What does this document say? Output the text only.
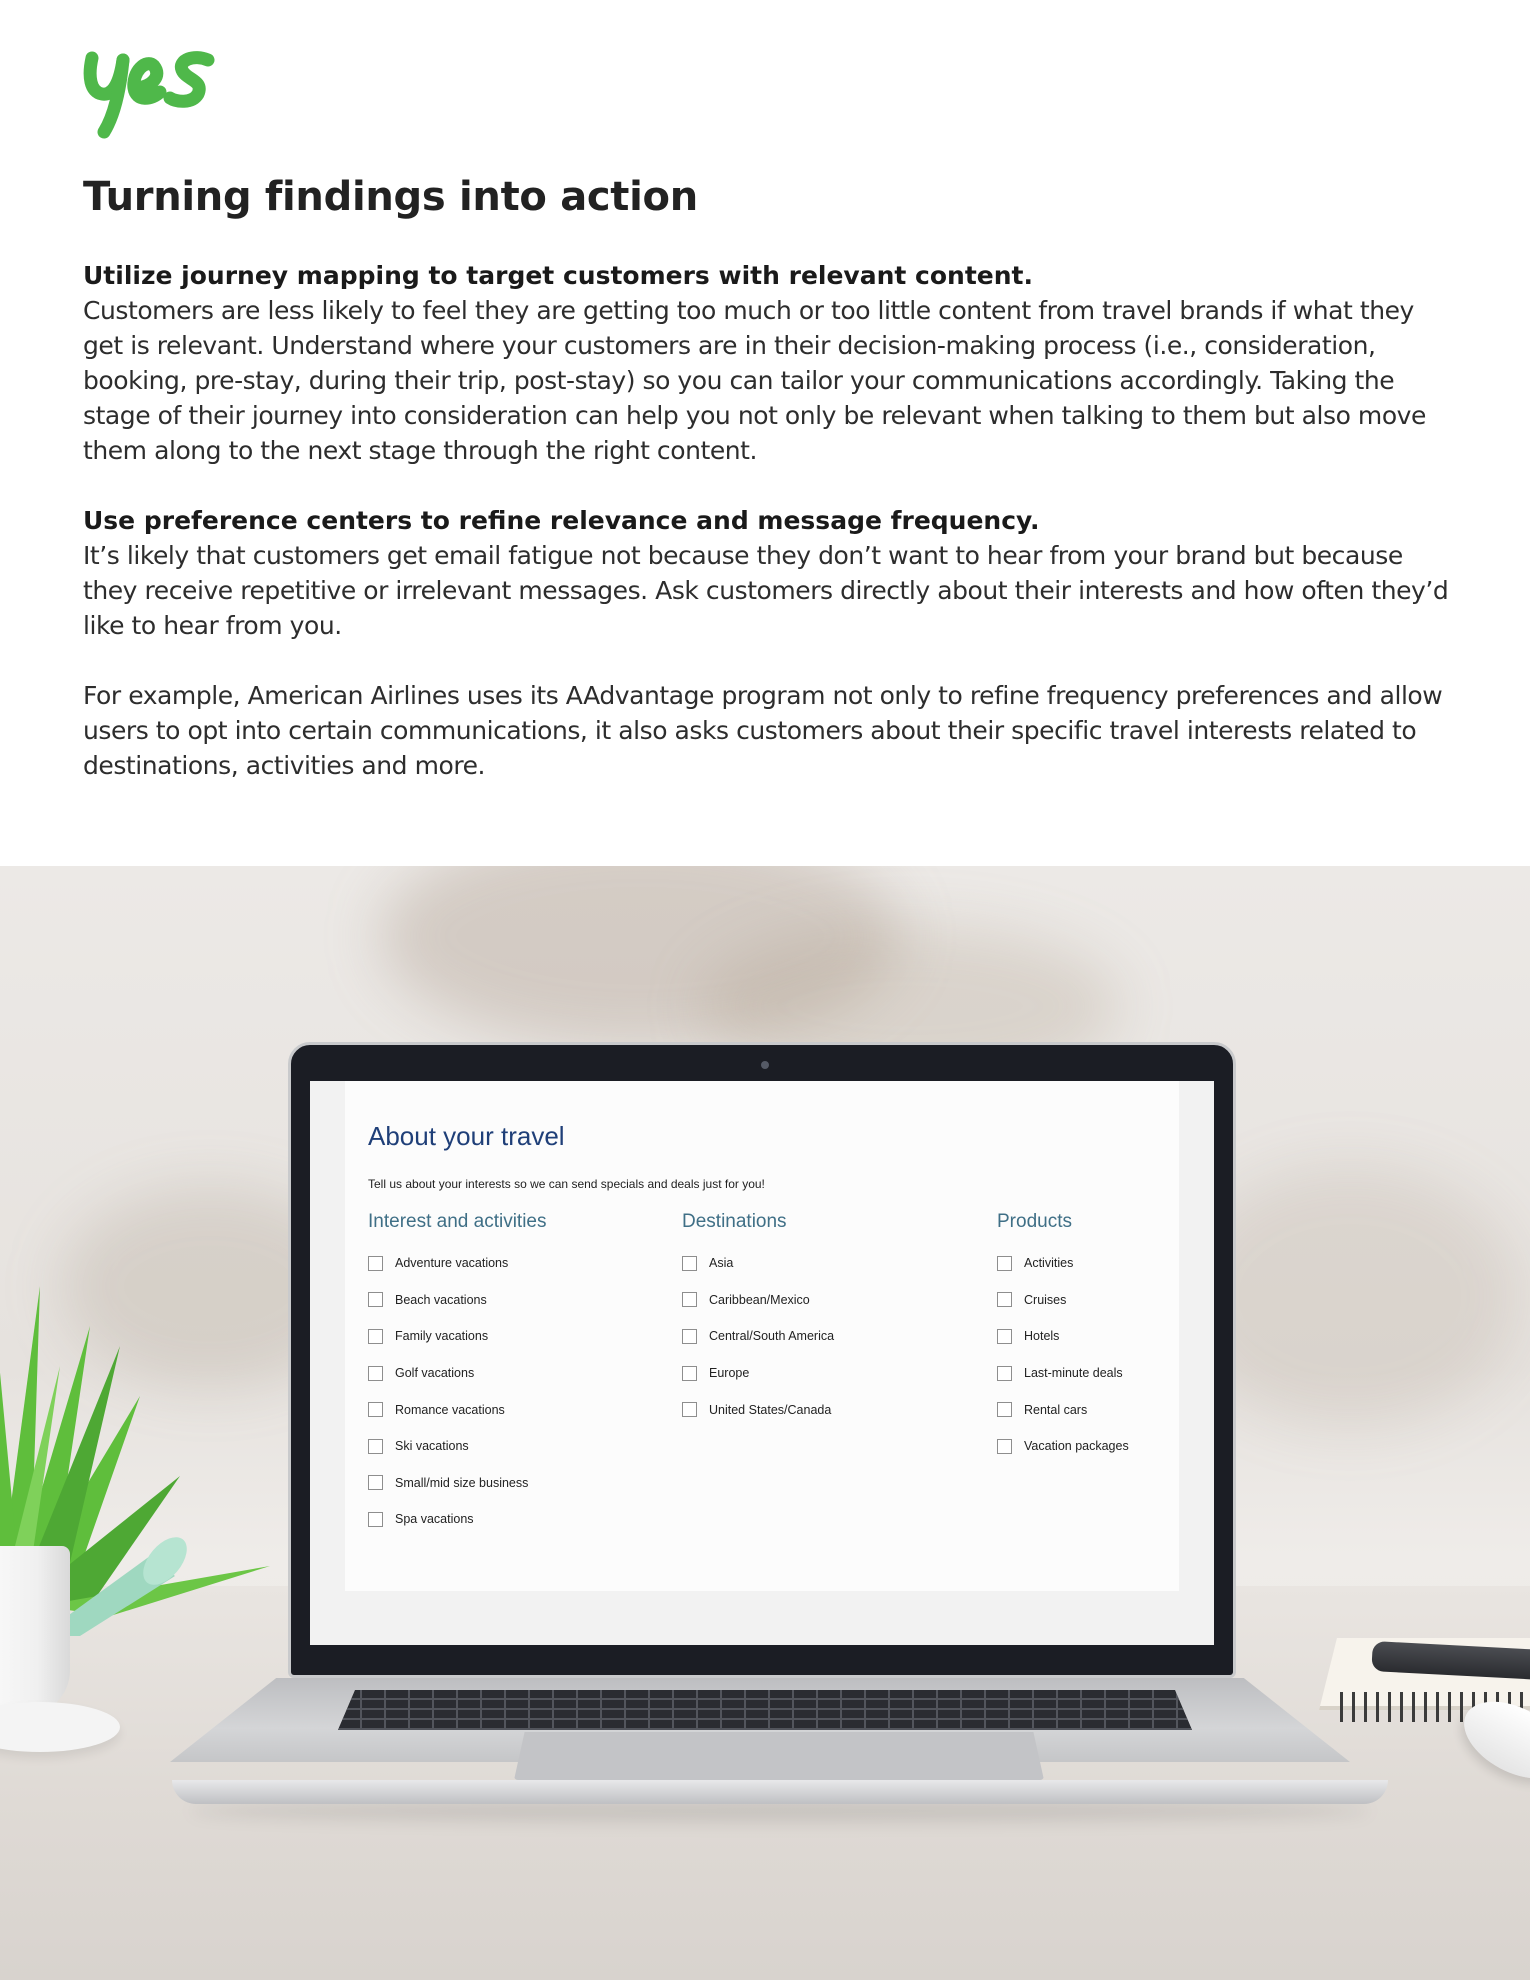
Turning findings into action
Utilize journey mapping to target customers with relevant content.

Customers are less likely to feel they are getting too much or too little content from travel brands if what they get is relevant. Understand where your customers are in their decision-making process (i.e., consideration, booking, pre-stay, during their trip, post-stay) so you can tailor your communications accordingly. Taking the stage of their journey into consideration can help you not only be relevant when talking to them but also move them along to the next stage through the right content.

Use preference centers to refine relevance and message frequency.

It’s likely that customers get email fatigue not because they don’t want to hear from your brand but because they receive repetitive or irrelevant messages. Ask customers directly about their interests and how often they’d like to hear from you.

For example, American Airlines uses its AAdvantage program not only to refine frequency preferences and allow users to opt into certain communications, it also asks customers about their specific travel interests related to destinations, activities and more.

About your travel
Tell us about your interests so we can send specials and deals just for you!
Interest and activities
Adventure vacations
Beach vacations
Family vacations
Golf vacations
Romance vacations
Ski vacations
Small/mid size business
Spa vacations
Destinations
Asia
Caribbean/Mexico
Central/South America
Europe
United States/Canada
Products
Activities
Cruises
Hotels
Last-minute deals
Rental cars
Vacation packages
